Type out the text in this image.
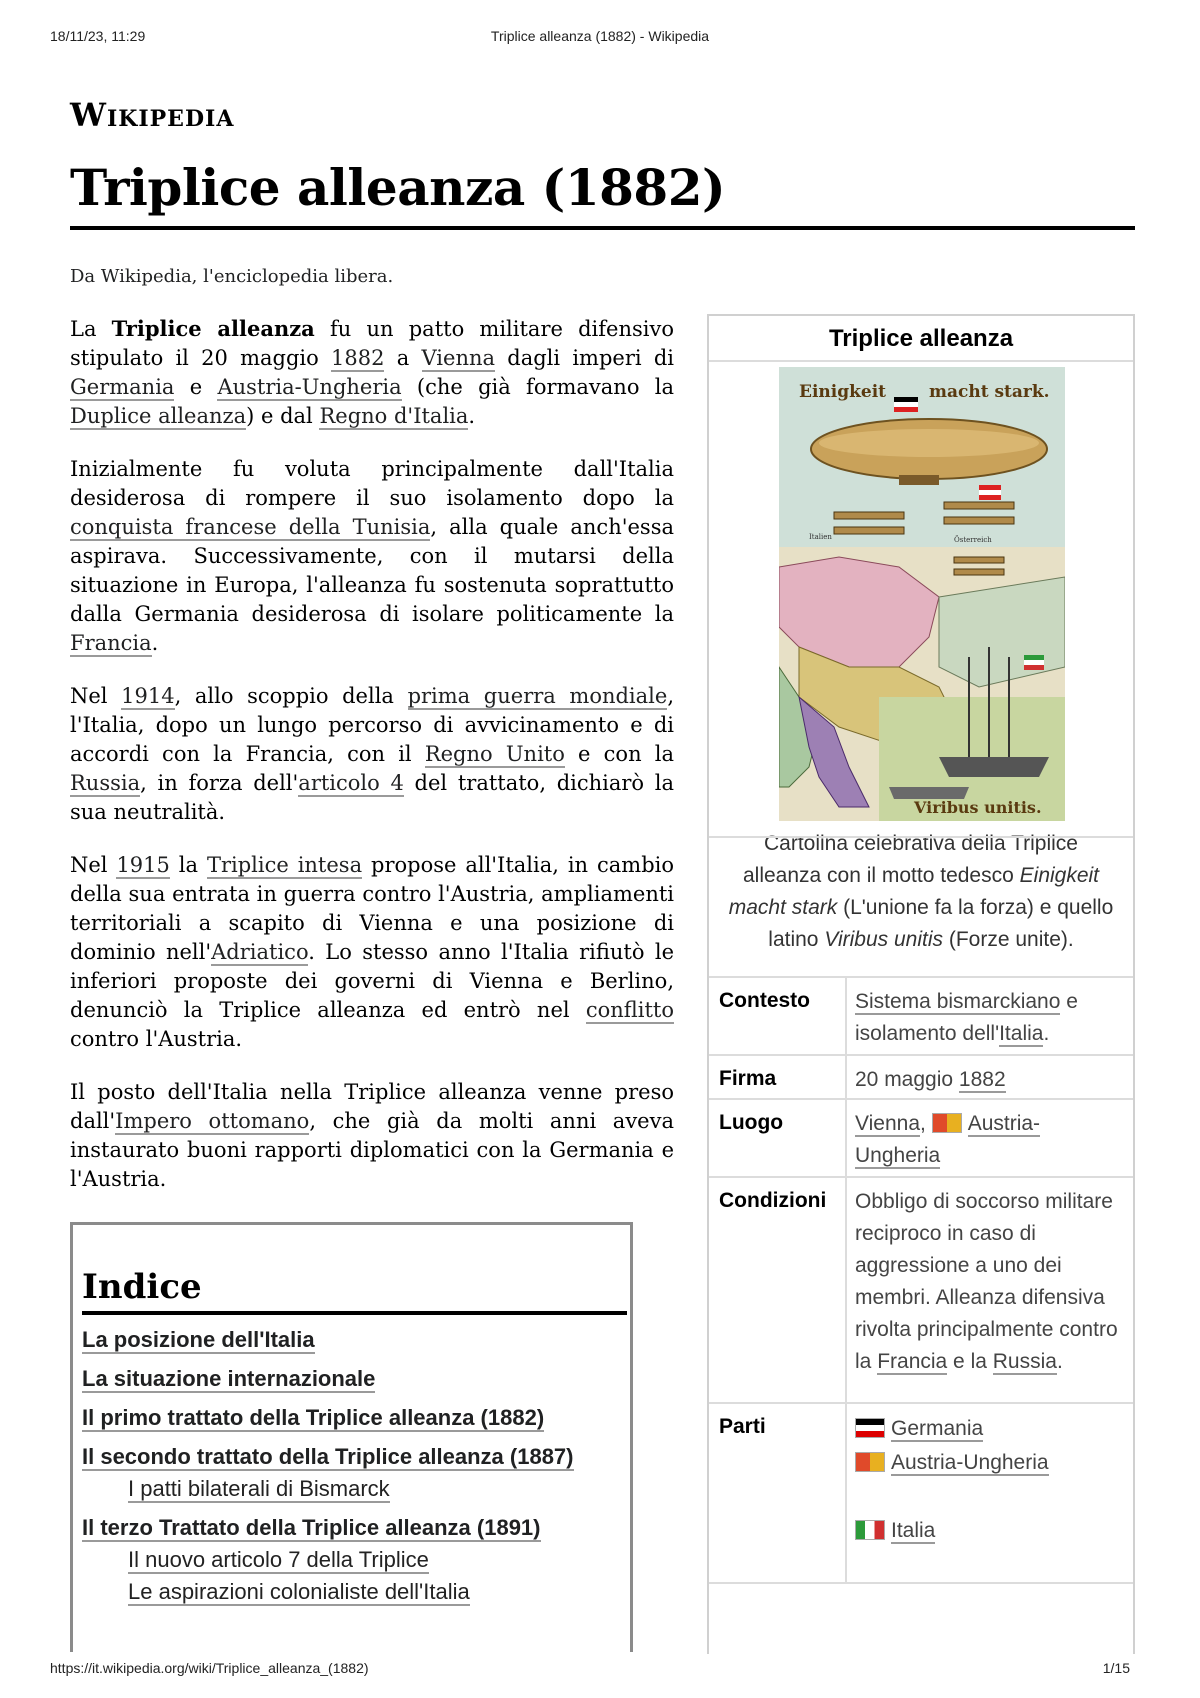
18/11/23, 11:29	Triplice alleanza (1882) - Wikipedia
Wikipedia
Triplice alleanza (1882)
Da Wikipedia, l'enciclopedia libera.

La Triplice alleanza fu un patto militare difensivo stipulato il 20 maggio 1882 a Vienna dagli imperi di Germania e Austria-Ungheria (che già formavano la Duplice alleanza) e dal Regno d'Italia.

Inizialmente fu voluta principalmente dall'Italia desiderosa di rompere il suo isolamento dopo la conquista francese della Tunisia, alla quale anch'essa aspirava. Successivamente, con il mutarsi della situazione in Europa, l'alleanza fu sostenuta soprattutto dalla Germania desiderosa di isolare politicamente la Francia.

Nel 1914, allo scoppio della prima guerra mondiale, l'Italia, dopo un lungo percorso di avvicinamento e di accordi con la Francia, con il Regno Unito e con la Russia, in forza dell'articolo 4 del trattato, dichiarò la sua neutralità.

Nel 1915 la Triplice intesa propose all'Italia, in cambio della sua entrata in guerra contro l'Austria, ampliamenti territoriali a scapito di Vienna e una posizione di dominio nell'Adriatico. Lo stesso anno l'Italia rifiutò le inferiori proposte dei governi di Vienna e Berlino, denunciò la Triplice alleanza ed entrò nel conflitto contro l'Austria.

Il posto dell'Italia nella Triplice alleanza venne preso dall'Impero ottomano, che già da molti anni aveva instaurato buoni rapporti diplomatici con la Germania e l'Austria.

Indice
La posizione dell'Italia
La situazione internazionale
Il primo trattato della Triplice alleanza (1882)
Il secondo trattato della Triplice alleanza (1887)
I patti bilaterali di Bismarck
Il terzo Trattato della Triplice alleanza (1891)
Il nuovo articolo 7 della Triplice
Le aspirazioni colonialiste dell'Italia
Triplice alleanza
Einigkeit	macht stark.
Italien	Österreich
Viribus unitis.
Cartolina celebrativa della Triplice alleanza con il motto tedesco Einigkeit macht stark (L'unione fa la forza) e quello latino Viribus unitis (Forze unite).
Contesto	Sistema bismarckiano e isolamento dell'Italia.
Firma	20 maggio 1882
Luogo	Vienna, Austria-Ungheria
Condizioni	Obbligo di soccorso militare reciproco in caso di aggressione a uno dei membri. Alleanza difensiva rivolta principalmente contro la Francia e la Russia.
Parti	Germania
Austria-Ungheria

Italia
https://it.wikipedia.org/wiki/Triplice_alleanza_(1882)	1/15
